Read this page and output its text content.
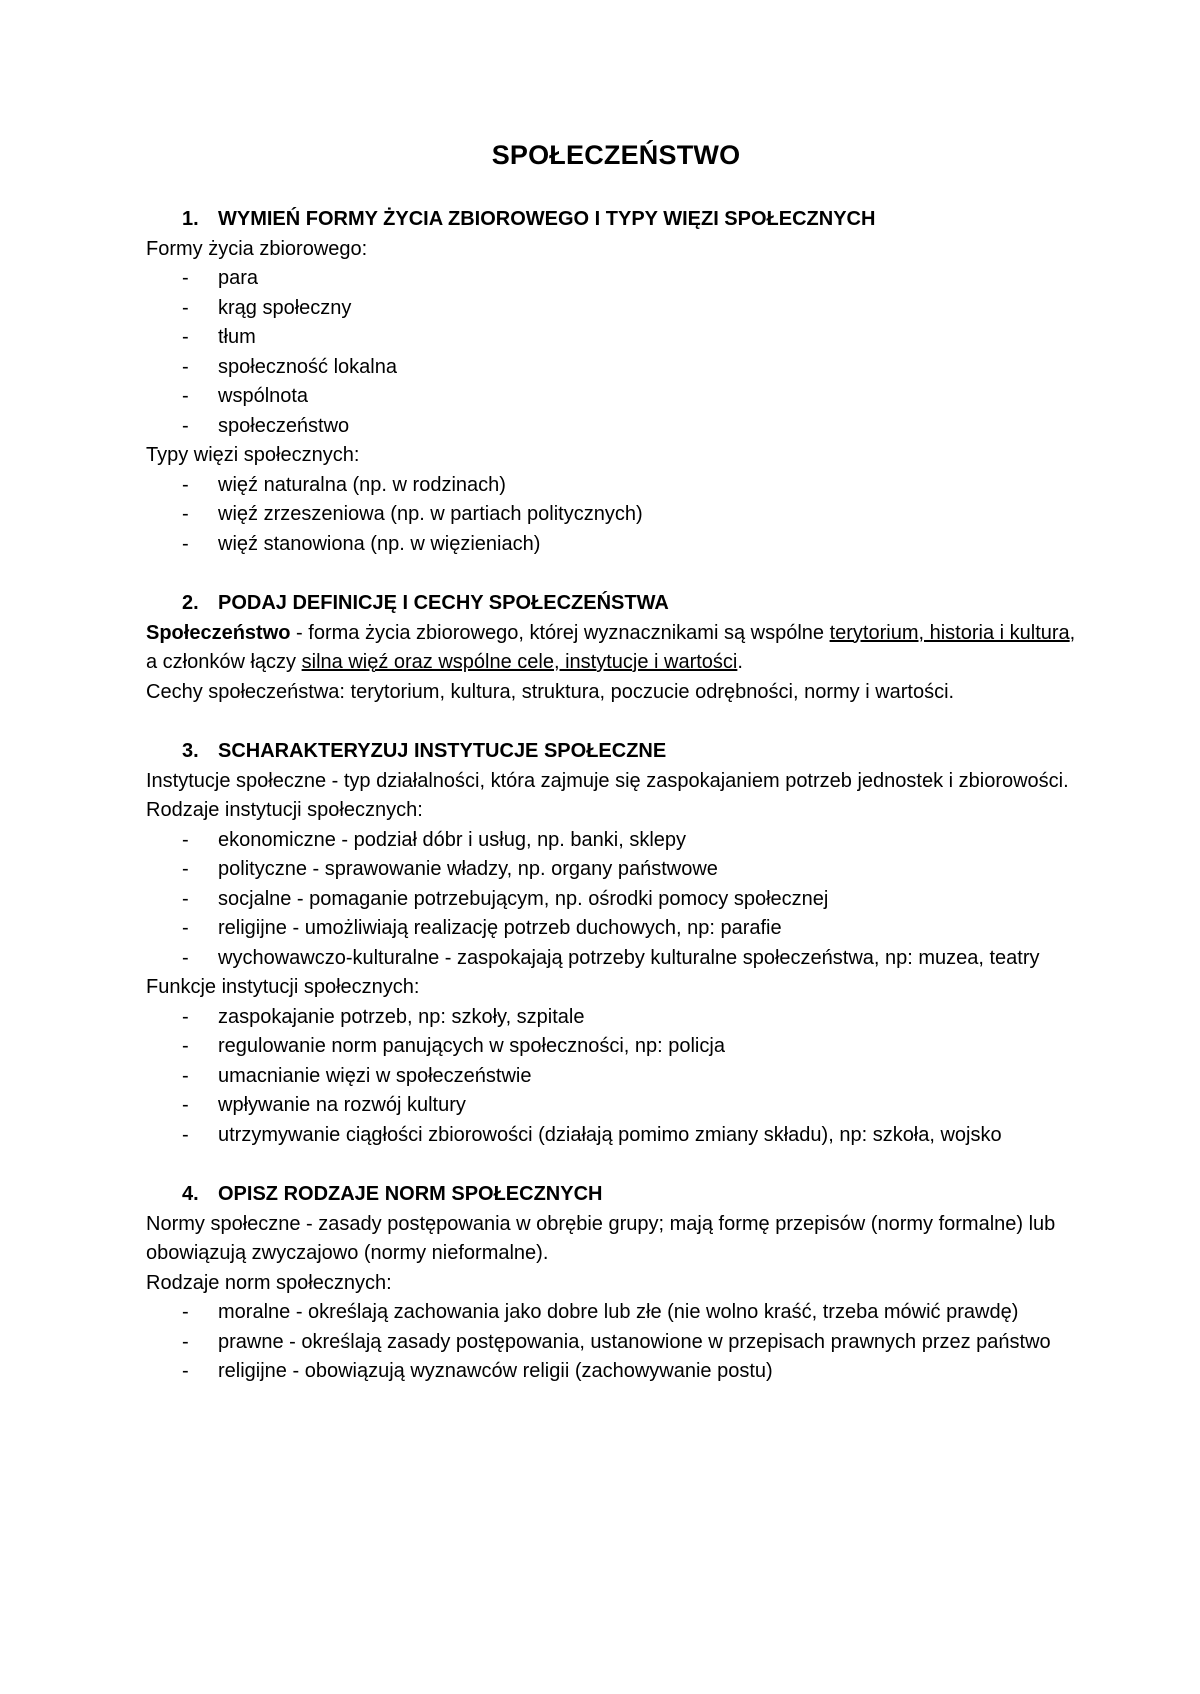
SPOŁECZEŃSTWO
1. WYMIEŃ FORMY ŻYCIA ZBIOROWEGO I TYPY WIĘZI SPOŁECZNYCH

Formy życia zbiorowego:

-	para
-	krąg społeczny
-	tłum
-	społeczność lokalna
-	wspólnota
-	społeczeństwo

Typy więzi społecznych:

-	więź naturalna (np. w rodzinach)
-	więź zrzeszeniowa (np. w partiach politycznych)
-	więź stanowiona (np. w więzieniach)
2. PODAJ DEFINICJĘ I CECHY SPOŁECZEŃSTWA

Społeczeństwo - forma życia zbiorowego, której wyznacznikami są wspólne terytorium, historia i kultura, a członków łączy silna więź oraz wspólne cele, instytucje i wartości.

Cechy społeczeństwa: terytorium, kultura, struktura, poczucie odrębności, normy i wartości.

3. SCHARAKTERYZUJ INSTYTUCJE SPOŁECZNE

Instytucje społeczne - typ działalności, która zajmuje się zaspokajaniem potrzeb jednostek i zbiorowości.

Rodzaje instytucji społecznych:

-	ekonomiczne - podział dóbr i usług, np. banki, sklepy
-	polityczne - sprawowanie władzy, np. organy państwowe
-	socjalne - pomaganie potrzebującym, np. ośrodki pomocy społecznej
-	religijne - umożliwiają realizację potrzeb duchowych, np: parafie
-	wychowawczo-kulturalne - zaspokajają potrzeby kulturalne społeczeństwa, np: muzea, teatry

Funkcje instytucji społecznych:

-	zaspokajanie potrzeb, np: szkoły, szpitale
-	regulowanie norm panujących w społeczności, np: policja
-	umacnianie więzi w społeczeństwie
-	wpływanie na rozwój kultury
-	utrzymywanie ciągłości zbiorowości (działają pomimo zmiany składu), np: szkoła, wojsko
4. OPISZ RODZAJE NORM SPOŁECZNYCH

Normy społeczne - zasady postępowania w obrębie grupy; mają formę przepisów (normy formalne) lub obowiązują zwyczajowo (normy nieformalne).

Rodzaje norm społecznych:

-	moralne - określają zachowania jako dobre lub złe (nie wolno kraść, trzeba mówić prawdę)
-	prawne - określają zasady postępowania, ustanowione w przepisach prawnych przez państwo
-	religijne - obowiązują wyznawców religii (zachowywanie postu)
